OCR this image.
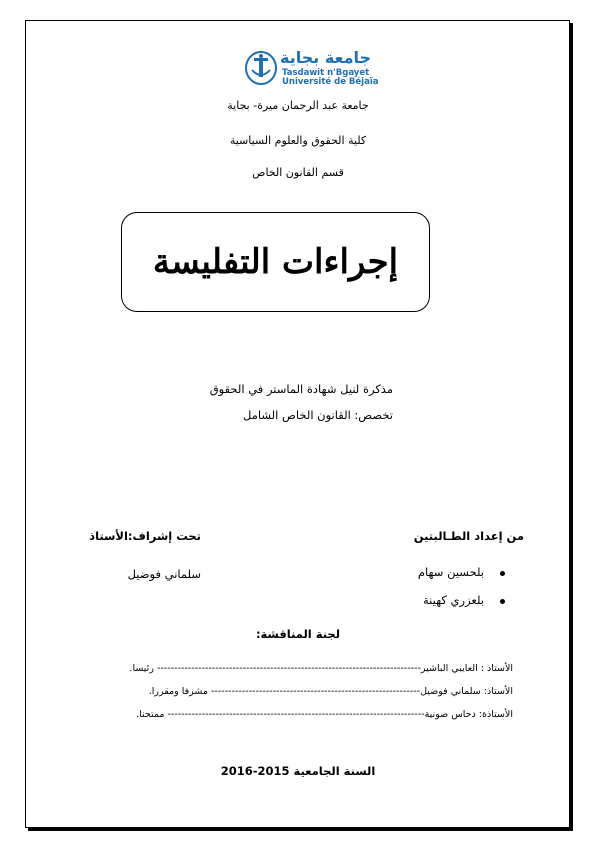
جامعة بجاية
Tasdawit n'Bgayet
Université de Béjaïa
جامعة عبد الرحمان ميرة- بجاية
كلية الحقوق والعلوم السياسية
قسم القانون الخاص
إجراءات التفليسة
مذكرة لنيل شهادة الماستر في الحقوق
تخصص: القانون الخاص الشامل
من إعداد الطـالبتين
تحت إشراف:الأستاذ
بلحسين سهام
سلماني فوضيل
بلعزري كهينة
لجنة المناقشة:
الأستاذ : العايبي الباشير----------------------------------------------------------------------------- رئيسا.
الأستاذ: سلماني فوضيل------------------------------------------------------------- مشرفا ومقررا.
الأستاذة: دحاس صونية--------------------------------------------------------------------------- ممتحنا.
السنة الجامعية 2015-2016
